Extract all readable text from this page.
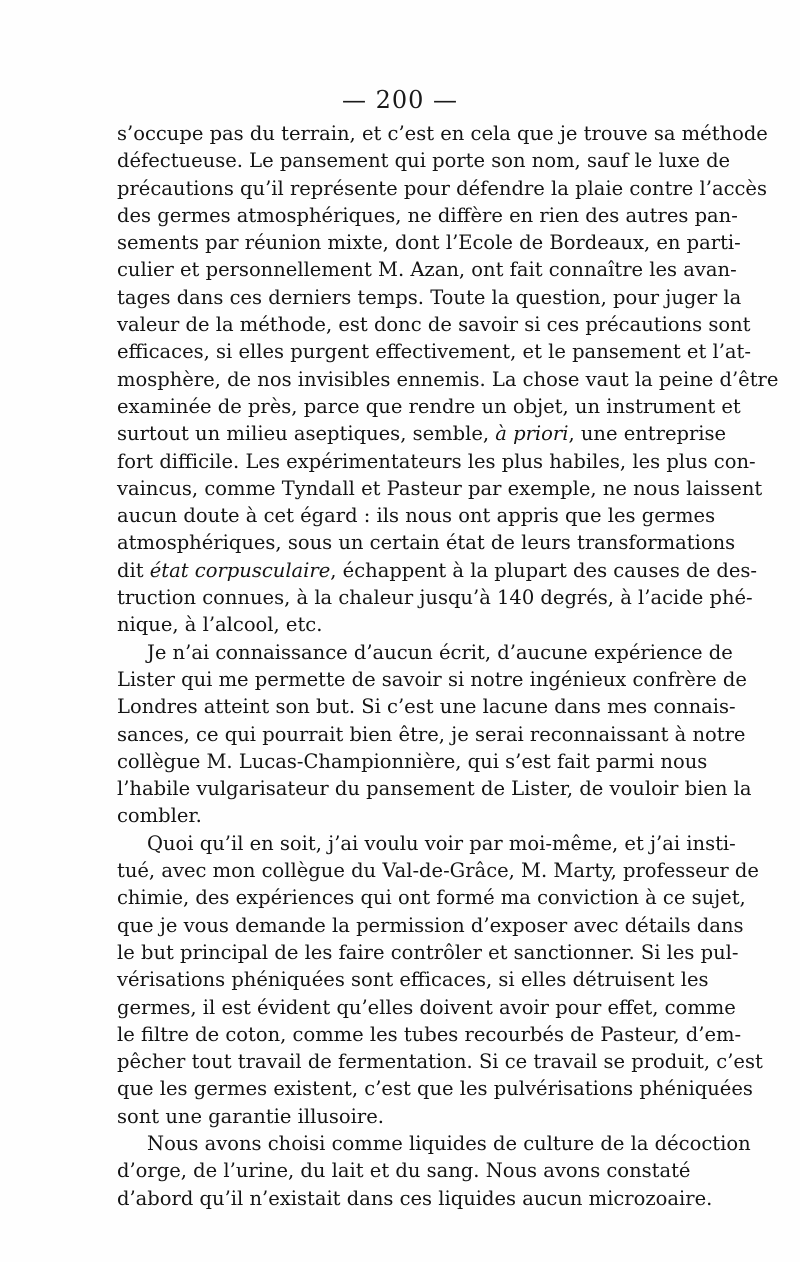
— 200 —
s’occupe pas du terrain, et c’est en cela que je trouve sa méthode
défectueuse. Le pansement qui porte son nom, sauf le luxe de
précautions qu’il représente pour défendre la plaie contre l’accès
des germes atmosphériques, ne diffère en rien des autres pan-
sements par réunion mixte, dont l’Ecole de Bordeaux, en parti-
culier et personnellement M. Azan, ont fait connaître les avan-
tages dans ces derniers temps. Toute la question, pour juger la
valeur de la méthode, est donc de savoir si ces précautions sont
efficaces, si elles purgent effectivement, et le pansement et l’at-
mosphère, de nos invisibles ennemis. La chose vaut la peine d’être
examinée de près, parce que rendre un objet, un instrument et
surtout un milieu aseptiques, semble, à priori, une entreprise
fort difficile. Les expérimentateurs les plus habiles, les plus con-
vaincus, comme Tyndall et Pasteur par exemple, ne nous laissent
aucun doute à cet égard : ils nous ont appris que les germes
atmosphériques, sous un certain état de leurs transformations
dit état corpusculaire, échappent à la plupart des causes de des-
truction connues, à la chaleur jusqu’à 140 degrés, à l’acide phé-
nique, à l’alcool, etc.
Je n’ai connaissance d’aucun écrit, d’aucune expérience de
Lister qui me permette de savoir si notre ingénieux confrère de
Londres atteint son but. Si c’est une lacune dans mes connais-
sances, ce qui pourrait bien être, je serai reconnaissant à notre
collègue M. Lucas-Championnière, qui s’est fait parmi nous
l’habile vulgarisateur du pansement de Lister, de vouloir bien la
combler.
Quoi qu’il en soit, j’ai voulu voir par moi-même, et j’ai insti-
tué, avec mon collègue du Val-de-Grâce, M. Marty, professeur de
chimie, des expériences qui ont formé ma conviction à ce sujet,
que je vous demande la permission d’exposer avec détails dans
le but principal de les faire contrôler et sanctionner. Si les pul-
vérisations phéniquées sont efficaces, si elles détruisent les
germes, il est évident qu’elles doivent avoir pour effet, comme
le filtre de coton, comme les tubes recourbés de Pasteur, d’em-
pêcher tout travail de fermentation. Si ce travail se produit, c’est
que les germes existent, c’est que les pulvérisations phéniquées
sont une garantie illusoire.
Nous avons choisi comme liquides de culture de la décoction
d’orge, de l’urine, du lait et du sang. Nous avons constaté
d’abord qu’il n’existait dans ces liquides aucun microzoaire.
